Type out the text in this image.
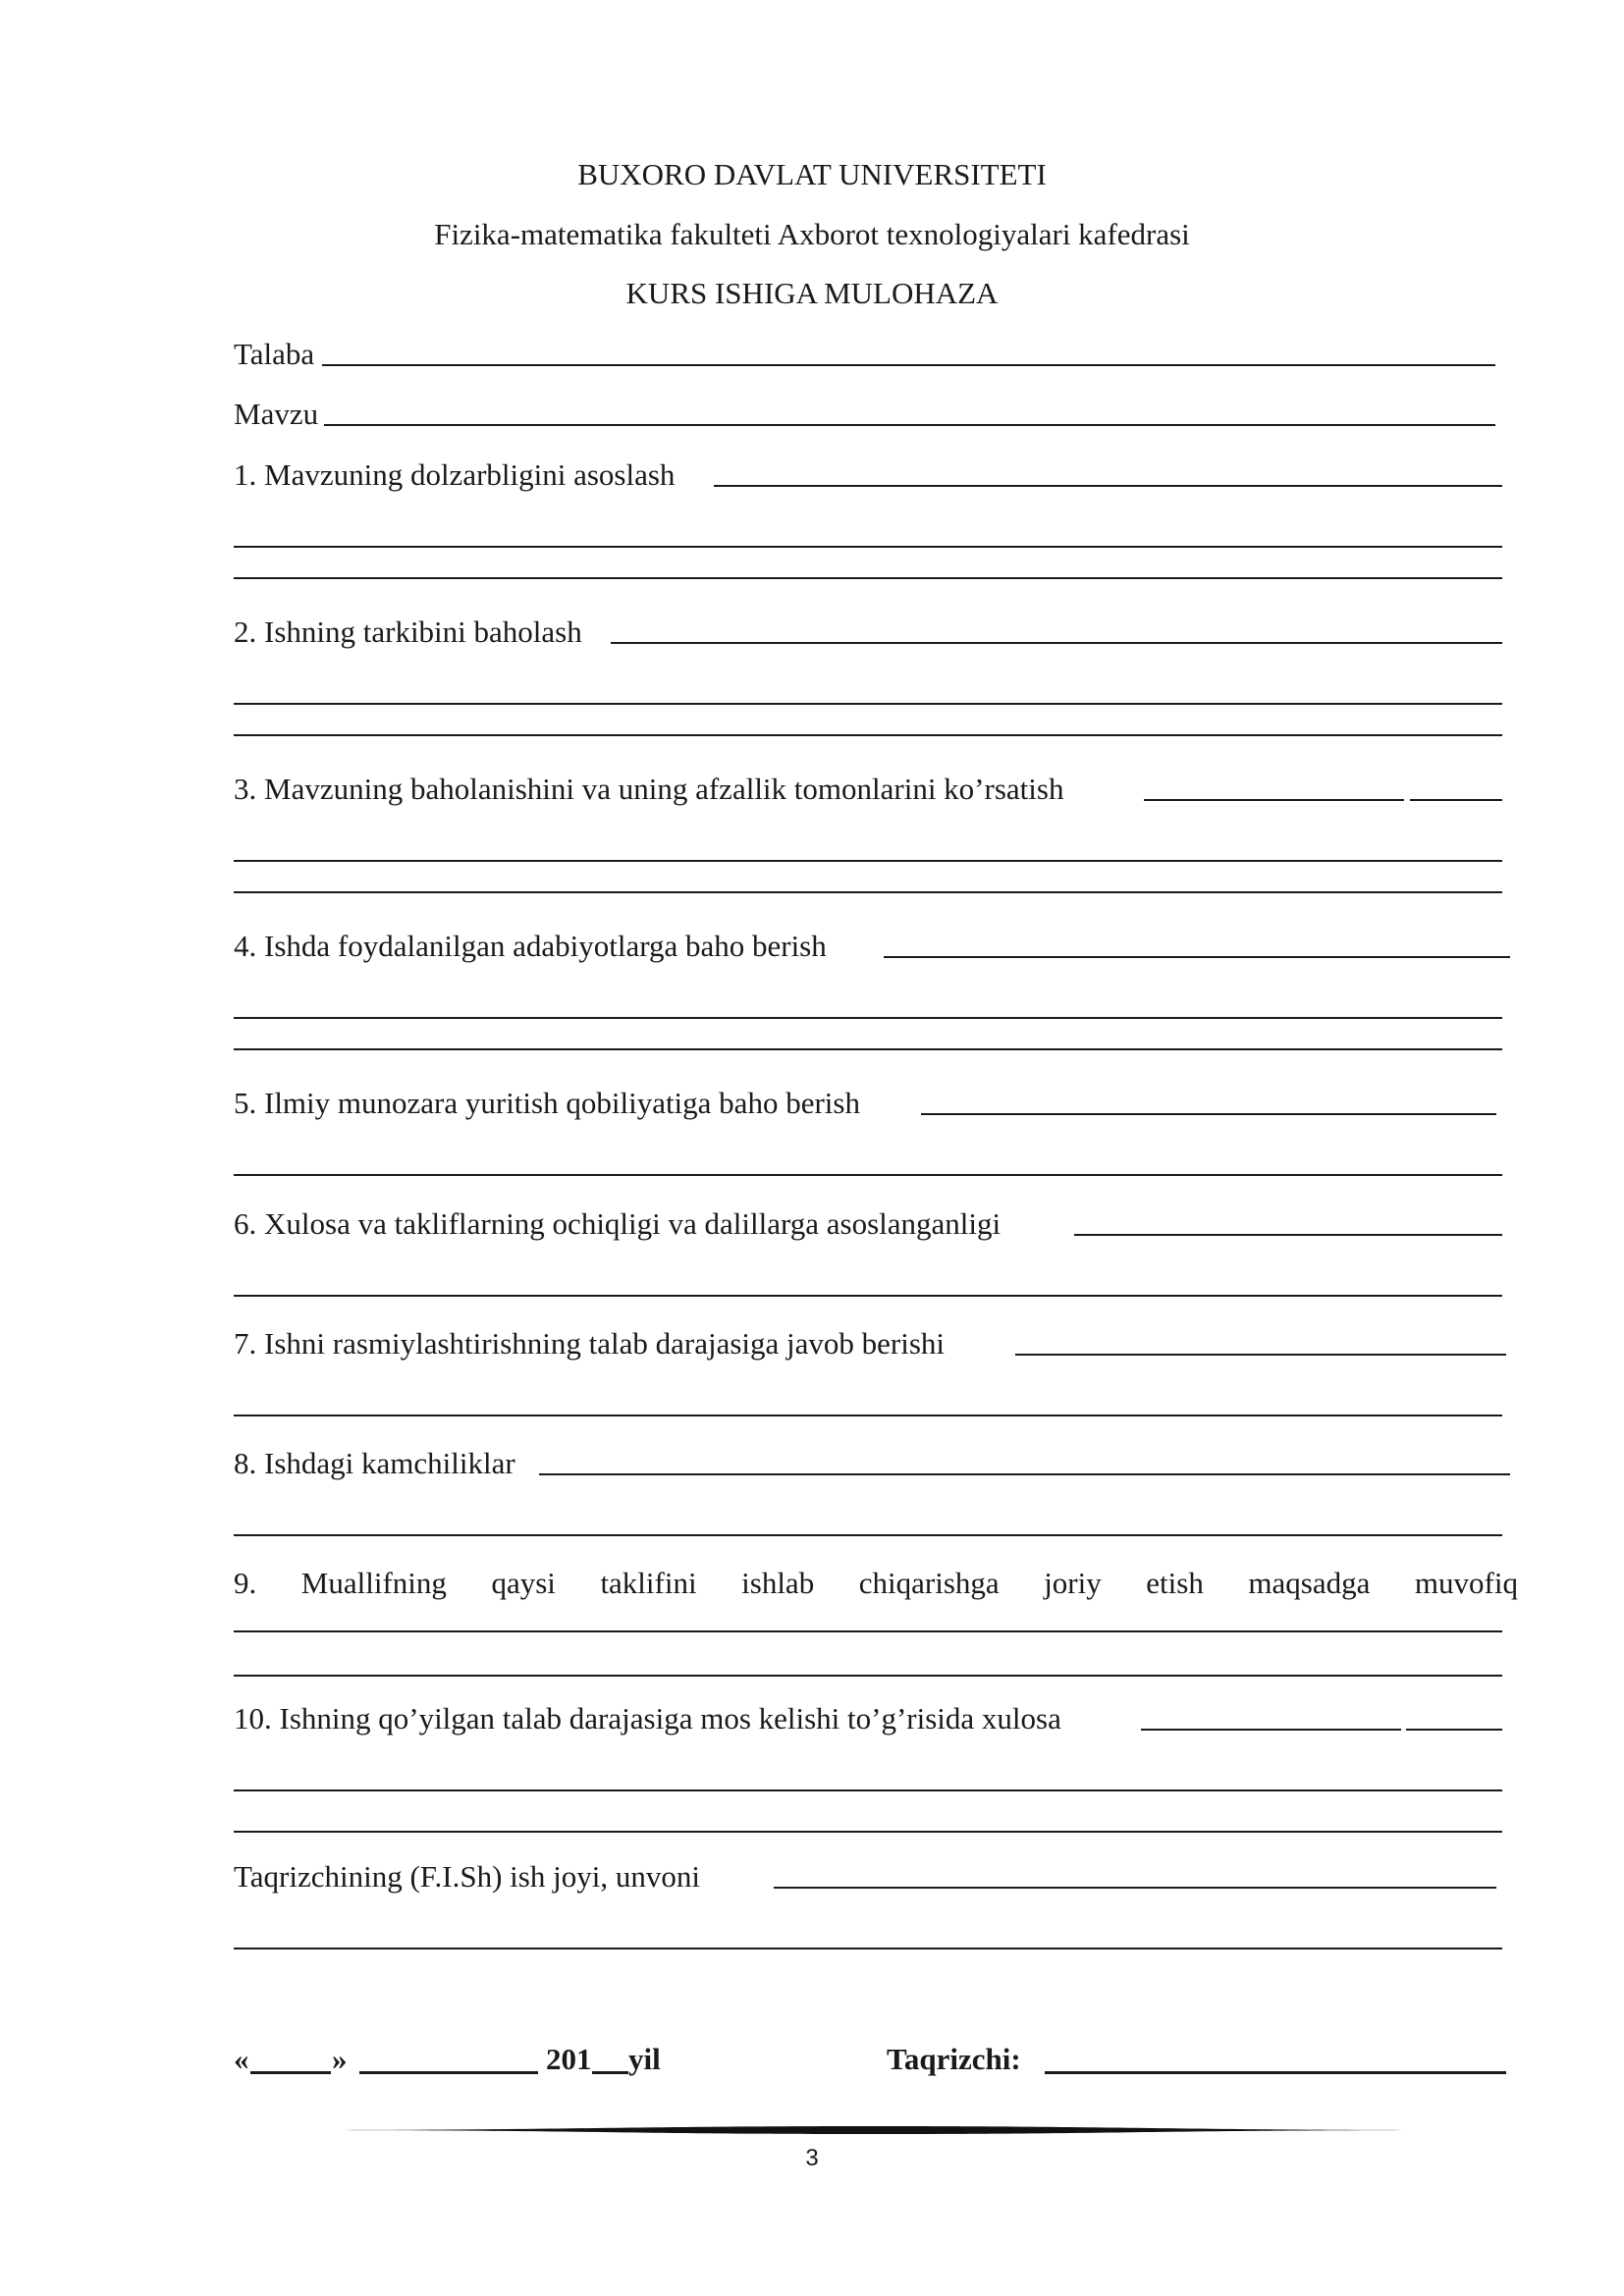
BUXORO DAVLAT UNIVERSITETI
Fizika-matematika fakulteti Axborot texnologiyalari kafedrasi
KURS ISHIGA MULOHAZA
Talaba
Mavzu
1. Mavzuning dolzarbligini asoslash
2. Ishning tarkibini baholash
3. Mavzuning baholanishini va uning afzallik tomonlarini ko’rsatish
4. Ishda foydalanilgan adabiyotlarga baho berish
5. Ilmiy munozara yuritish qobiliyatiga baho berish
6. Xulosa va takliflarning ochiqligi va dalillarga asoslanganligi
7. Ishni rasmiylashtirishning talab darajasiga javob berishi
8. Ishdagi kamchiliklar
9. Muallifning qaysi taklifini ishlab chiqarishga joriy etish maqsadga muvofiq
10. Ishning qo’yilgan talab darajasiga mos kelishi to’g’risida xulosa
Taqrizchining (F.I.Sh) ish joyi, unvoni
«	»	201 yil	Taqrizchi:
3
